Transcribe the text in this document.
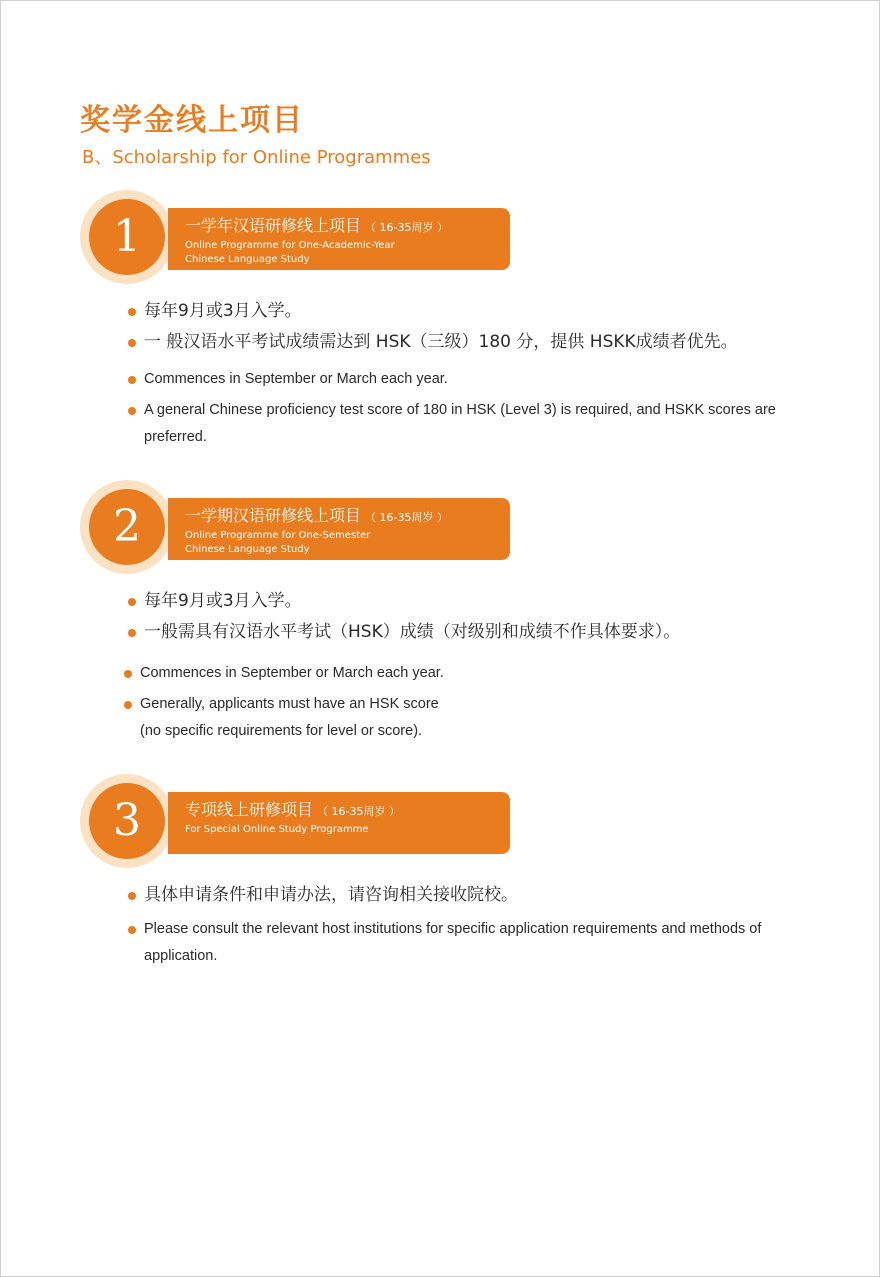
奖学金线上项目
B、Scholarship for Online Programmes
1	一学年汉语研修线上项目 （ 16-35周岁 ）
Online Programme for One-Academic-Year
Chinese Language Study
每年9月或3月入学。
一 般汉语水平考试成绩需达到 HSK（三级）180 分，提供 HSKK成绩者优先。
Commences in September or March each year.
A general Chinese proficiency test score of 180 in HSK (Level 3) is required, and HSKK scores are preferred.
2	一学期汉语研修线上项目 （ 16-35周岁 ）
Online Programme for One-Semester
Chinese Language Study
每年9月或3月入学。
一般需具有汉语水平考试（HSK）成绩（对级别和成绩不作具体要求）。
Commences in September or March each year.
Generally, applicants must have an HSK score
(no specific requirements for level or score).
3	专项线上研修项目 （ 16-35周岁 ）
For Special Online Study Programme
具体申请条件和申请办法，请咨询相关接收院校。
Please consult the relevant host institutions for specific application requirements and methods of application.
